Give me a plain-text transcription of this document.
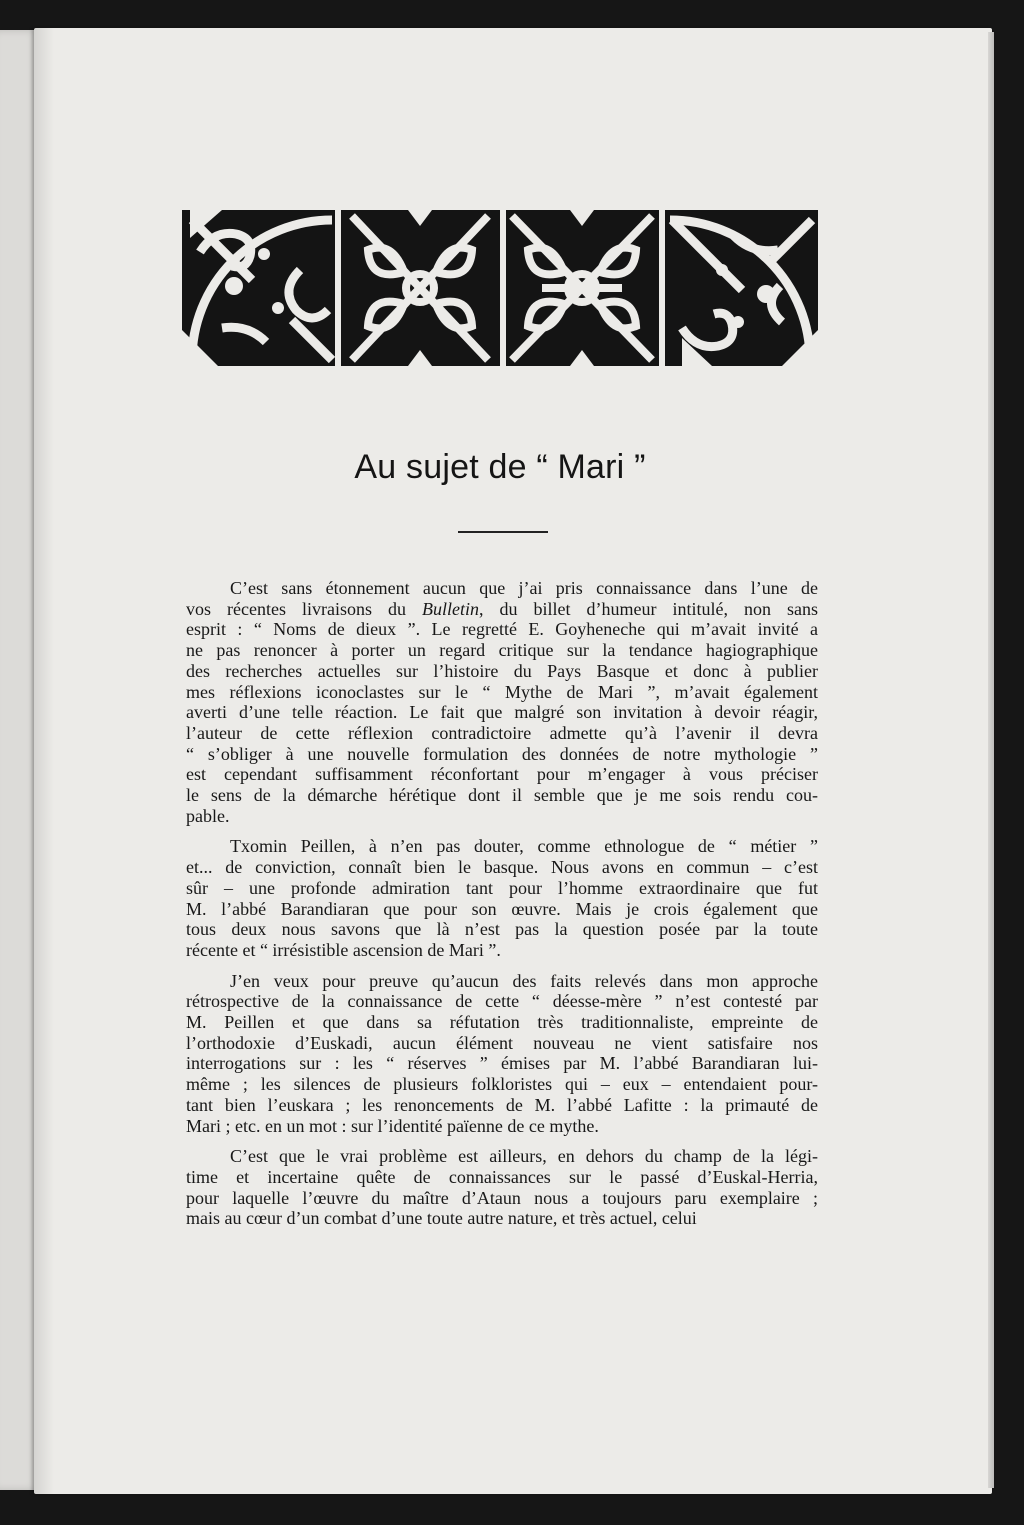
Au sujet de “ Mari ”
C’est sans étonnement aucun que j’ai pris connaissance dans l’une de
vos récentes livraisons du Bulletin, du billet d’humeur intitulé, non sans
esprit : “ Noms de dieux ”. Le regretté E. Goyheneche qui m’avait invité a
ne pas renoncer à porter un regard critique sur la tendance hagiographique
des recherches actuelles sur l’histoire du Pays Basque et donc à publier
mes réflexions iconoclastes sur le “ Mythe de Mari ”, m’avait également
averti d’une telle réaction. Le fait que malgré son invitation à devoir réagir,
l’auteur de cette réflexion contradictoire admette qu’à l’avenir il devra
“ s’obliger à une nouvelle formulation des données de notre mythologie ”
est cependant suffisamment réconfortant pour m’engager à vous préciser
le sens de la démarche hérétique dont il semble que je me sois rendu cou-
pable.
Txomin Peillen, à n’en pas douter, comme ethnologue de “ métier ”
et... de conviction, connaît bien le basque. Nous avons en commun – c’est
sûr – une profonde admiration tant pour l’homme extraordinaire que fut
M. l’abbé Barandiaran que pour son œuvre. Mais je crois également que
tous deux nous savons que là n’est pas la question posée par la toute
récente et “ irrésistible ascension de Mari ”.
J’en veux pour preuve qu’aucun des faits relevés dans mon approche
rétrospective de la connaissance de cette “ déesse-mère ” n’est contesté par
M. Peillen et que dans sa réfutation très traditionnaliste, empreinte de
l’orthodoxie d’Euskadi, aucun élément nouveau ne vient satisfaire nos
interrogations sur : les “ réserves ” émises par M. l’abbé Barandiaran lui-
même ; les silences de plusieurs folkloristes qui – eux – entendaient pour-
tant bien l’euskara ; les renoncements de M. l’abbé Lafitte : la primauté de
Mari ; etc. en un mot : sur l’identité païenne de ce mythe.
C’est que le vrai problème est ailleurs, en dehors du champ de la légi-
time et incertaine quête de connaissances sur le passé d’Euskal-Herria,
pour laquelle l’œuvre du maître d’Ataun nous a toujours paru exemplaire ;
mais au cœur d’un combat d’une toute autre nature, et très actuel, celui
